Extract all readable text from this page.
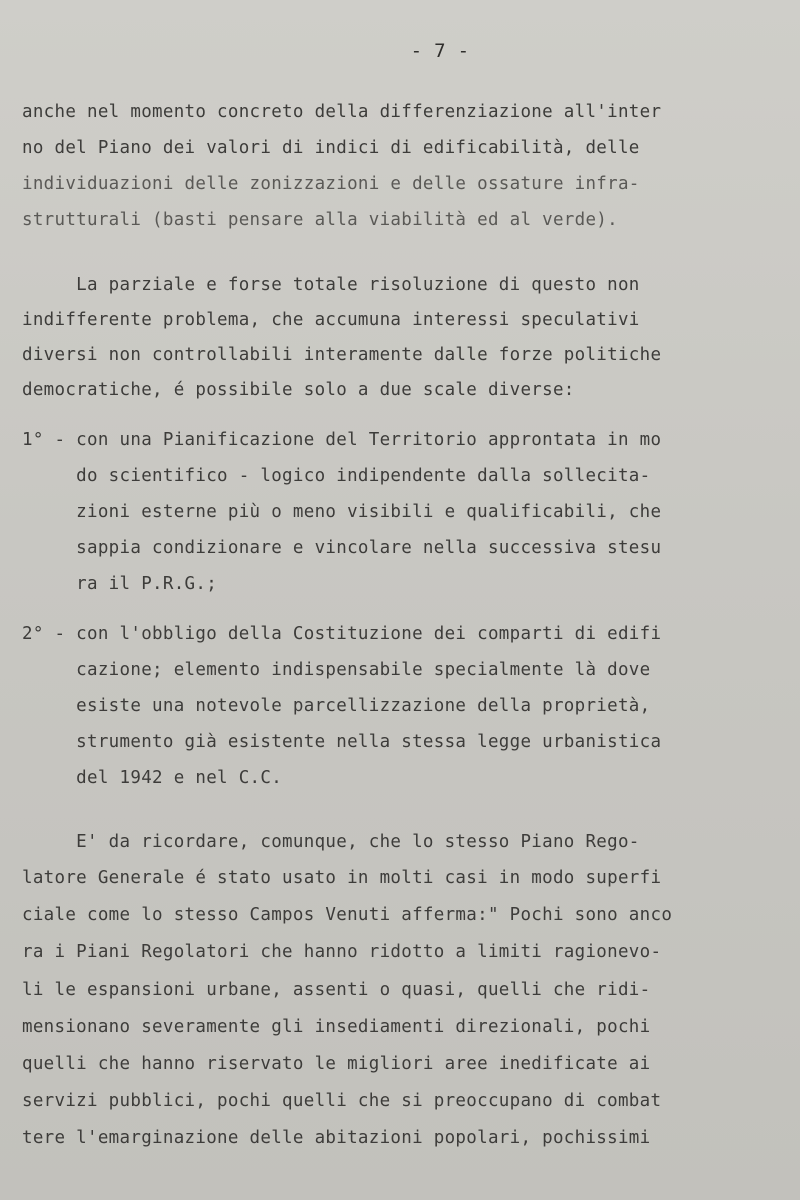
- 7 -
anche nel momento concreto della differenziazione all'inter
no del Piano dei valori di indici di edificabilità, delle
individuazioni delle zonizzazioni e delle ossature infra-
strutturali (basti pensare alla viabilità ed al verde).
La parziale e forse totale risoluzione di questo non
indifferente problema, che accumuna interessi speculativi
diversi non controllabili interamente dalle forze politiche
democratiche, é possibile solo a due scale diverse:
1° - con una Pianificazione del Territorio approntata in mo
do scientifico - logico indipendente dalla sollecita-
zioni esterne più o meno visibili e qualificabili, che
sappia condizionare e vincolare nella successiva stesu
ra il P.R.G.;
2° - con l'obbligo della Costituzione dei comparti di edifi
cazione; elemento indispensabile specialmente là dove
esiste una notevole parcellizzazione della proprietà,
strumento già esistente nella stessa legge urbanistica
del 1942 e nel C.C.
E' da ricordare, comunque, che lo stesso Piano Rego-
latore Generale é stato usato in molti casi in modo superfi
ciale come lo stesso Campos Venuti afferma:" Pochi sono anco
ra i Piani Regolatori che hanno ridotto a limiti ragionevo-
li le espansioni urbane, assenti o quasi, quelli che ridi-
mensionano severamente gli insediamenti direzionali, pochi
quelli che hanno riservato le migliori aree inedificate ai
servizi pubblici, pochi quelli che si preoccupano di combat
tere l'emarginazione delle abitazioni popolari, pochissimi
